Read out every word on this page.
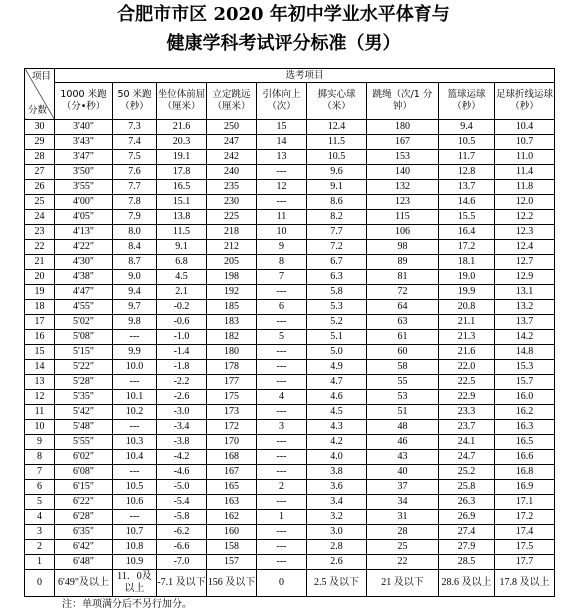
合肥市市区 2020 年初中学业水平体育与
健康学科考试评分标准（男）
项目
分数	选考项目								
	1000 米跑（分•秒）	50 米跑（秒）	坐位体前屈（厘米）	立定跳远（厘米）	引体向上（次）	掷实心球（米）	跳绳（次/1 分钟）	篮球运球（秒）	足球折线运球（秒）
30	3'40"	7.3	21.6	250	15	12.4	180	9.4	10.4
29	3'43"	7.4	20.3	247	14	11.5	167	10.5	10.7
28	3'47"	7.5	19.1	242	13	10.5	153	11.7	11.0
27	3'50"	7.6	17.8	240	---	9.6	140	12.8	11.4
26	3'55"	7.7	16.5	235	12	9.1	132	13.7	11.8
25	4'00"	7.8	15.1	230	---	8.6	123	14.6	12.0
24	4'05"	7.9	13.8	225	11	8.2	115	15.5	12.2
23	4'13"	8.0	11.5	218	10	7.7	106	16.4	12.3
22	4'22"	8.4	9.1	212	9	7.2	98	17.2	12.4
21	4'30"	8.7	6.8	205	8	6.7	89	18.1	12.7
20	4'38"	9.0	4.5	198	7	6.3	81	19.0	12.9
19	4'47"	9.4	2.1	192	---	5.8	72	19.9	13.1
18	4'55"	9.7	-0.2	185	6	5.3	64	20.8	13.2
17	5'02"	9.8	-0.6	183	---	5.2	63	21.1	13.7
16	5'08"	---	-1.0	182	5	5.1	61	21.3	14.2
15	5'15"	9.9	-1.4	180	---	5.0	60	21.6	14.8
14	5'22"	10.0	-1.8	178	---	4.9	58	22.0	15.3
13	5'28"	---	-2.2	177	---	4.7	55	22.5	15.7
12	5'35"	10.1	-2.6	175	4	4.6	53	22.9	16.0
11	5'42"	10.2	-3.0	173	---	4.5	51	23.3	16.2
10	5'48"	---	-3.4	172	3	4.3	48	23.7	16.3
9	5'55"	10.3	-3.8	170	---	4.2	46	24.1	16.5
8	6'02"	10.4	-4.2	168	---	4.0	43	24.7	16.6
7	6'08"	---	-4.6	167	---	3.8	40	25.2	16.8
6	6'15"	10.5	-5.0	165	2	3.6	37	25.8	16.9
5	6'22"	10.6	-5.4	163	---	3.4	34	26.3	17.1
4	6'28"	---	-5.8	162	1	3.2	31	26.9	17.2
3	6'35"	10.7	-6.2	160	---	3.0	28	27.4	17.4
2	6'42"	10.8	-6.6	158	---	2.8	25	27.9	17.5
1	6'48"	10.9	-7.0	157	---	2.6	22	28.5	17.7
0	6'49"及以上	11．0及以上	-7.1 及以下	156 及以下	0	2.5 及以下	21 及以下	28.6 及以上	17.8 及以上
注：单项满分后不另行加分。
